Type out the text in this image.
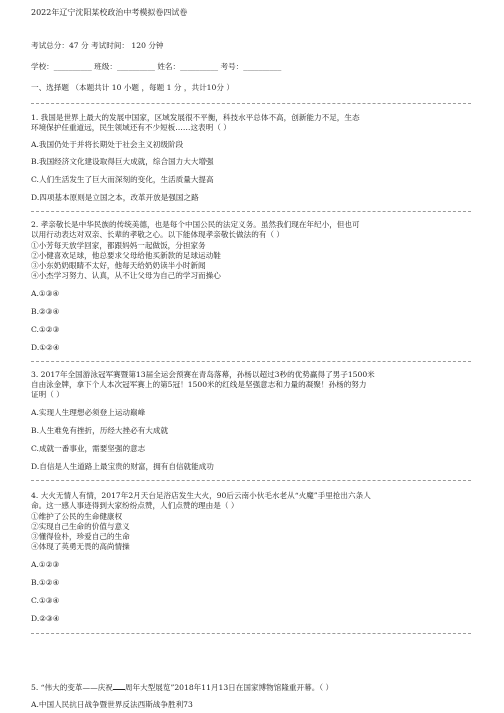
2022年辽宁沈阳某校政治中考模拟卷四试卷
考试总分：47 分 考试时间： 120 分钟
学校：__________ 班级：__________ 姓名：__________ 考号：__________
一、选择题 （本题共计 10 小题 ，每题 1 分 ，共计10分 ）
1. 我国是世界上最大的发展中国家，区域发展很不平衡，科技水平总体不高，创新能力不足，生态
环境保护任重道远，民生领域还有不少短板……这表明（ ）
A.我国仍处于并将长期处于社会主义初级阶段
B.我国经济文化建设取得巨大成就，综合国力大大增强
C.人们生活发生了巨大而深刻的变化，生活质量大提高
D.四项基本原则是立国之本，改革开放是强国之路
2. 孝亲敬长是中华民族的传统美德，也是每个中国公民的法定义务。虽然我们现在年纪小，但也可
以用行动表达对双亲、长辈的孝敬之心。以下能体现孝亲敬长做法的有（ ）
①小芳每天放学回家，都跟妈妈一起做饭，分担家务
②小健喜欢足球，他总要求父母给他买新款的足球运动鞋
③小东奶奶眼睛不太好，他每天给奶奶读半小时新闻
④小杰学习努力、认真，从不让父母为自己的学习而操心
A.①③④
B.②③④
C.①②③
D.①②④
3. 2017年全国游泳冠军赛暨第13届全运会预赛在青岛落幕，孙杨以超过3秒的优势赢得了男子1500米
自由泳金牌，拿下个人本次冠军赛上的第5冠！1500米的红线是坚强意志和力量的凝聚！孙杨的努力
证明（ ）
A.实现人生理想必须登上运动巅峰
B.人生难免有挫折，历经大挫必有大成就
C.成就一番事业，需要坚强的意志
D.自信是人生道路上最宝贵的财富，拥有自信就能成功
4. 大火无情人有情，2017年2月天台足浴店发生大火，90后云南小伙毛水老从“火魔”手里抢出六条人
命。这一感人事迹得到大家纷纷点赞，人们点赞的理由是（ ）
①维护了公民的生命健康权
②实现自己生命的价值与意义
③懂得俭朴，珍爱自己的生命
④体现了英勇无畏的高尚情操
A.①②③
B.①②④
C.①③④
D.②③④
5. “伟大的变革——庆祝 周年大型展览”2018年11月13日在国家博物馆隆重开幕。（ ）
A.中国人民抗日战争暨世界反法西斯战争胜利73
